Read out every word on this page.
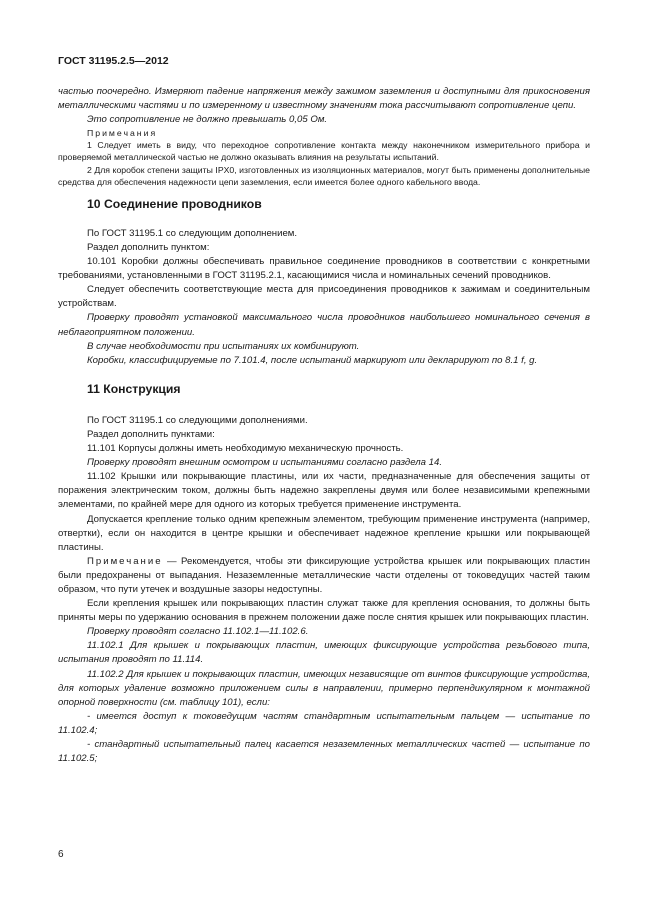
ГОСТ 31195.2.5—2012

частью поочередно. Измеряют падение напряжения между зажимом заземления и доступными для прикосновения металлическими частями и по измеренному и известному значениям тока рассчитывают сопротивление цепи.

Это сопротивление не должно превышать 0,05 Ом.

Примечания

1 Следует иметь в виду, что переходное сопротивление контакта между наконечником измерительного прибора и проверяемой металлической частью не должно оказывать влияния на результаты испытаний.

2 Для коробок степени защиты IPX0, изготовленных из изоляционных материалов, могут быть применены дополнительные средства для обеспечения надежности цепи заземления, если имеется более одного кабельного ввода.

10 Соединение проводников

По ГОСТ 31195.1 со следующим дополнением.

Раздел дополнить пунктом:

10.101 Коробки должны обеспечивать правильное соединение проводников в соответствии с конкретными требованиями, установленными в ГОСТ 31195.2.1, касающимися числа и номинальных сечений проводников.

Следует обеспечить соответствующие места для присоединения проводников к зажимам и соединительным устройствам.

Проверку проводят установкой максимального числа проводников наибольшего номинального сечения в неблагоприятном положении.

В случае необходимости при испытаниях их комбинируют.

Коробки, классифицируемые по 7.101.4, после испытаний маркируют или декларируют по 8.1 f, g.

11 Конструкция

По ГОСТ 31195.1 со следующими дополнениями.

Раздел дополнить пунктами:

11.101 Корпусы должны иметь необходимую механическую прочность.

Проверку проводят внешним осмотром и испытаниями согласно раздела 14.

11.102 Крышки или покрывающие пластины, или их части, предназначенные для обеспечения защиты от поражения электрическим током, должны быть надежно закреплены двумя или более независимыми крепежными элементами, по крайней мере для одного из которых требуется применение инструмента.

Допускается крепление только одним крепежным элементом, требующим применение инструмента (например, отвертки), если он находится в центре крышки и обеспечивает надежное крепление крышки или покрывающей пластины.

Примечание — Рекомендуется, чтобы эти фиксирующие устройства крышек или покрывающих пластин были предохранены от выпадания. Незаземленные металлические части отделены от токоведущих частей таким образом, что пути утечек и воздушные зазоры недоступны.

Если крепления крышек или покрывающих пластин служат также для крепления основания, то должны быть приняты меры по удержанию основания в прежнем положении даже после снятия крышек или покрывающих пластин.

Проверку проводят согласно 11.102.1—11.102.6.

11.102.1 Для крышек и покрывающих пластин, имеющих фиксирующие устройства резьбового типа, испытания проводят по 11.114.

11.102.2 Для крышек и покрывающих пластин, имеющих независящие от винтов фиксирующие устройства, для которых удаление возможно приложением силы в направлении, примерно перпендикулярном к монтажной опорной поверхности (см. таблицу 101), если:

- имеется доступ к токоведущим частям стандартным испытательным пальцем — испытание по 11.102.4;

- стандартный испытательный палец касается незаземленных металлических частей — испытание по 11.102.5;

6
